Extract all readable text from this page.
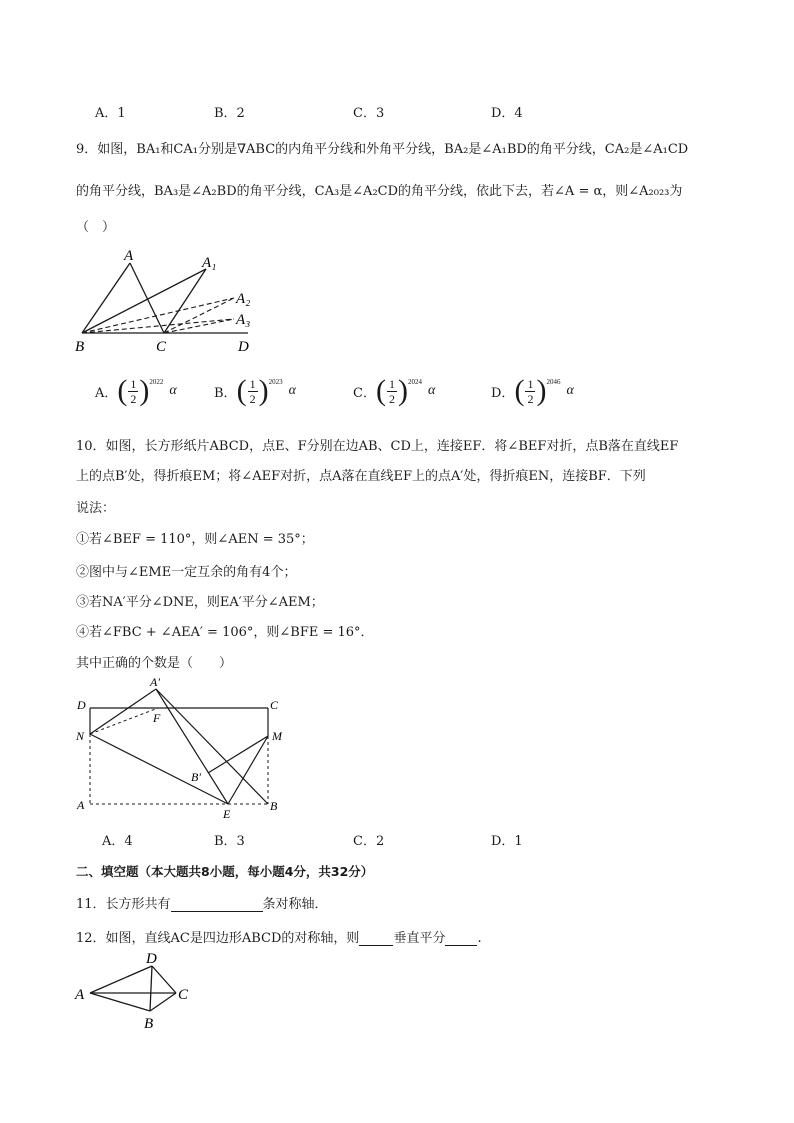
A．1	B．2	C．3	D．4
9．如图，BA₁和CA₁分别是∇ABC的内角平分线和外角平分线，BA₂是∠A₁BD的角平分线，CA₂是∠A₁CD
的角平分线，BA₃是∠A₂BD的角平分线，CA₃是∠A₂CD的角平分线，依此下去，若∠A = α，则∠A₂₀₂₃为
（　）
A	A₁
A₂
A₃
B	C	D
A． ( $\frac{1}{2}$ ) 2022
α	B． ( $\frac{1}{2}$ ) 2023
α	C． ( $\frac{1}{2}$ ) 2024
α	D． ( $\frac{1}{2}$ ) 2046
α
10．如图，长方形纸片ABCD，点E、F分别在边AB、CD上，连接EF．将∠BEF对折，点B落在直线EF
上的点B′处，得折痕EM；将∠AEF对折，点A落在直线EF上的点A′处，得折痕EN，连接BF．下列
说法：
①若∠BEF = 110°，则∠AEN = 35°；
②图中与∠EME一定互余的角有4个；
③若NA′平分∠DNE，则EA′平分∠AEM；
④若∠FBC + ∠AEA′ = 106°，则∠BFE = 16°．
其中正确的个数是（　　）
A′
D	C
F
N	M
B′
A
E
B
A．4	B．3	C．2	D．1
二、填空题（本大题共8小题，每小题4分，共32分）
11．长方形共有	条对称轴．
12．如图，直线AC是四边形ABCD的对称轴，则	垂直平分 .
D
A	C
B
